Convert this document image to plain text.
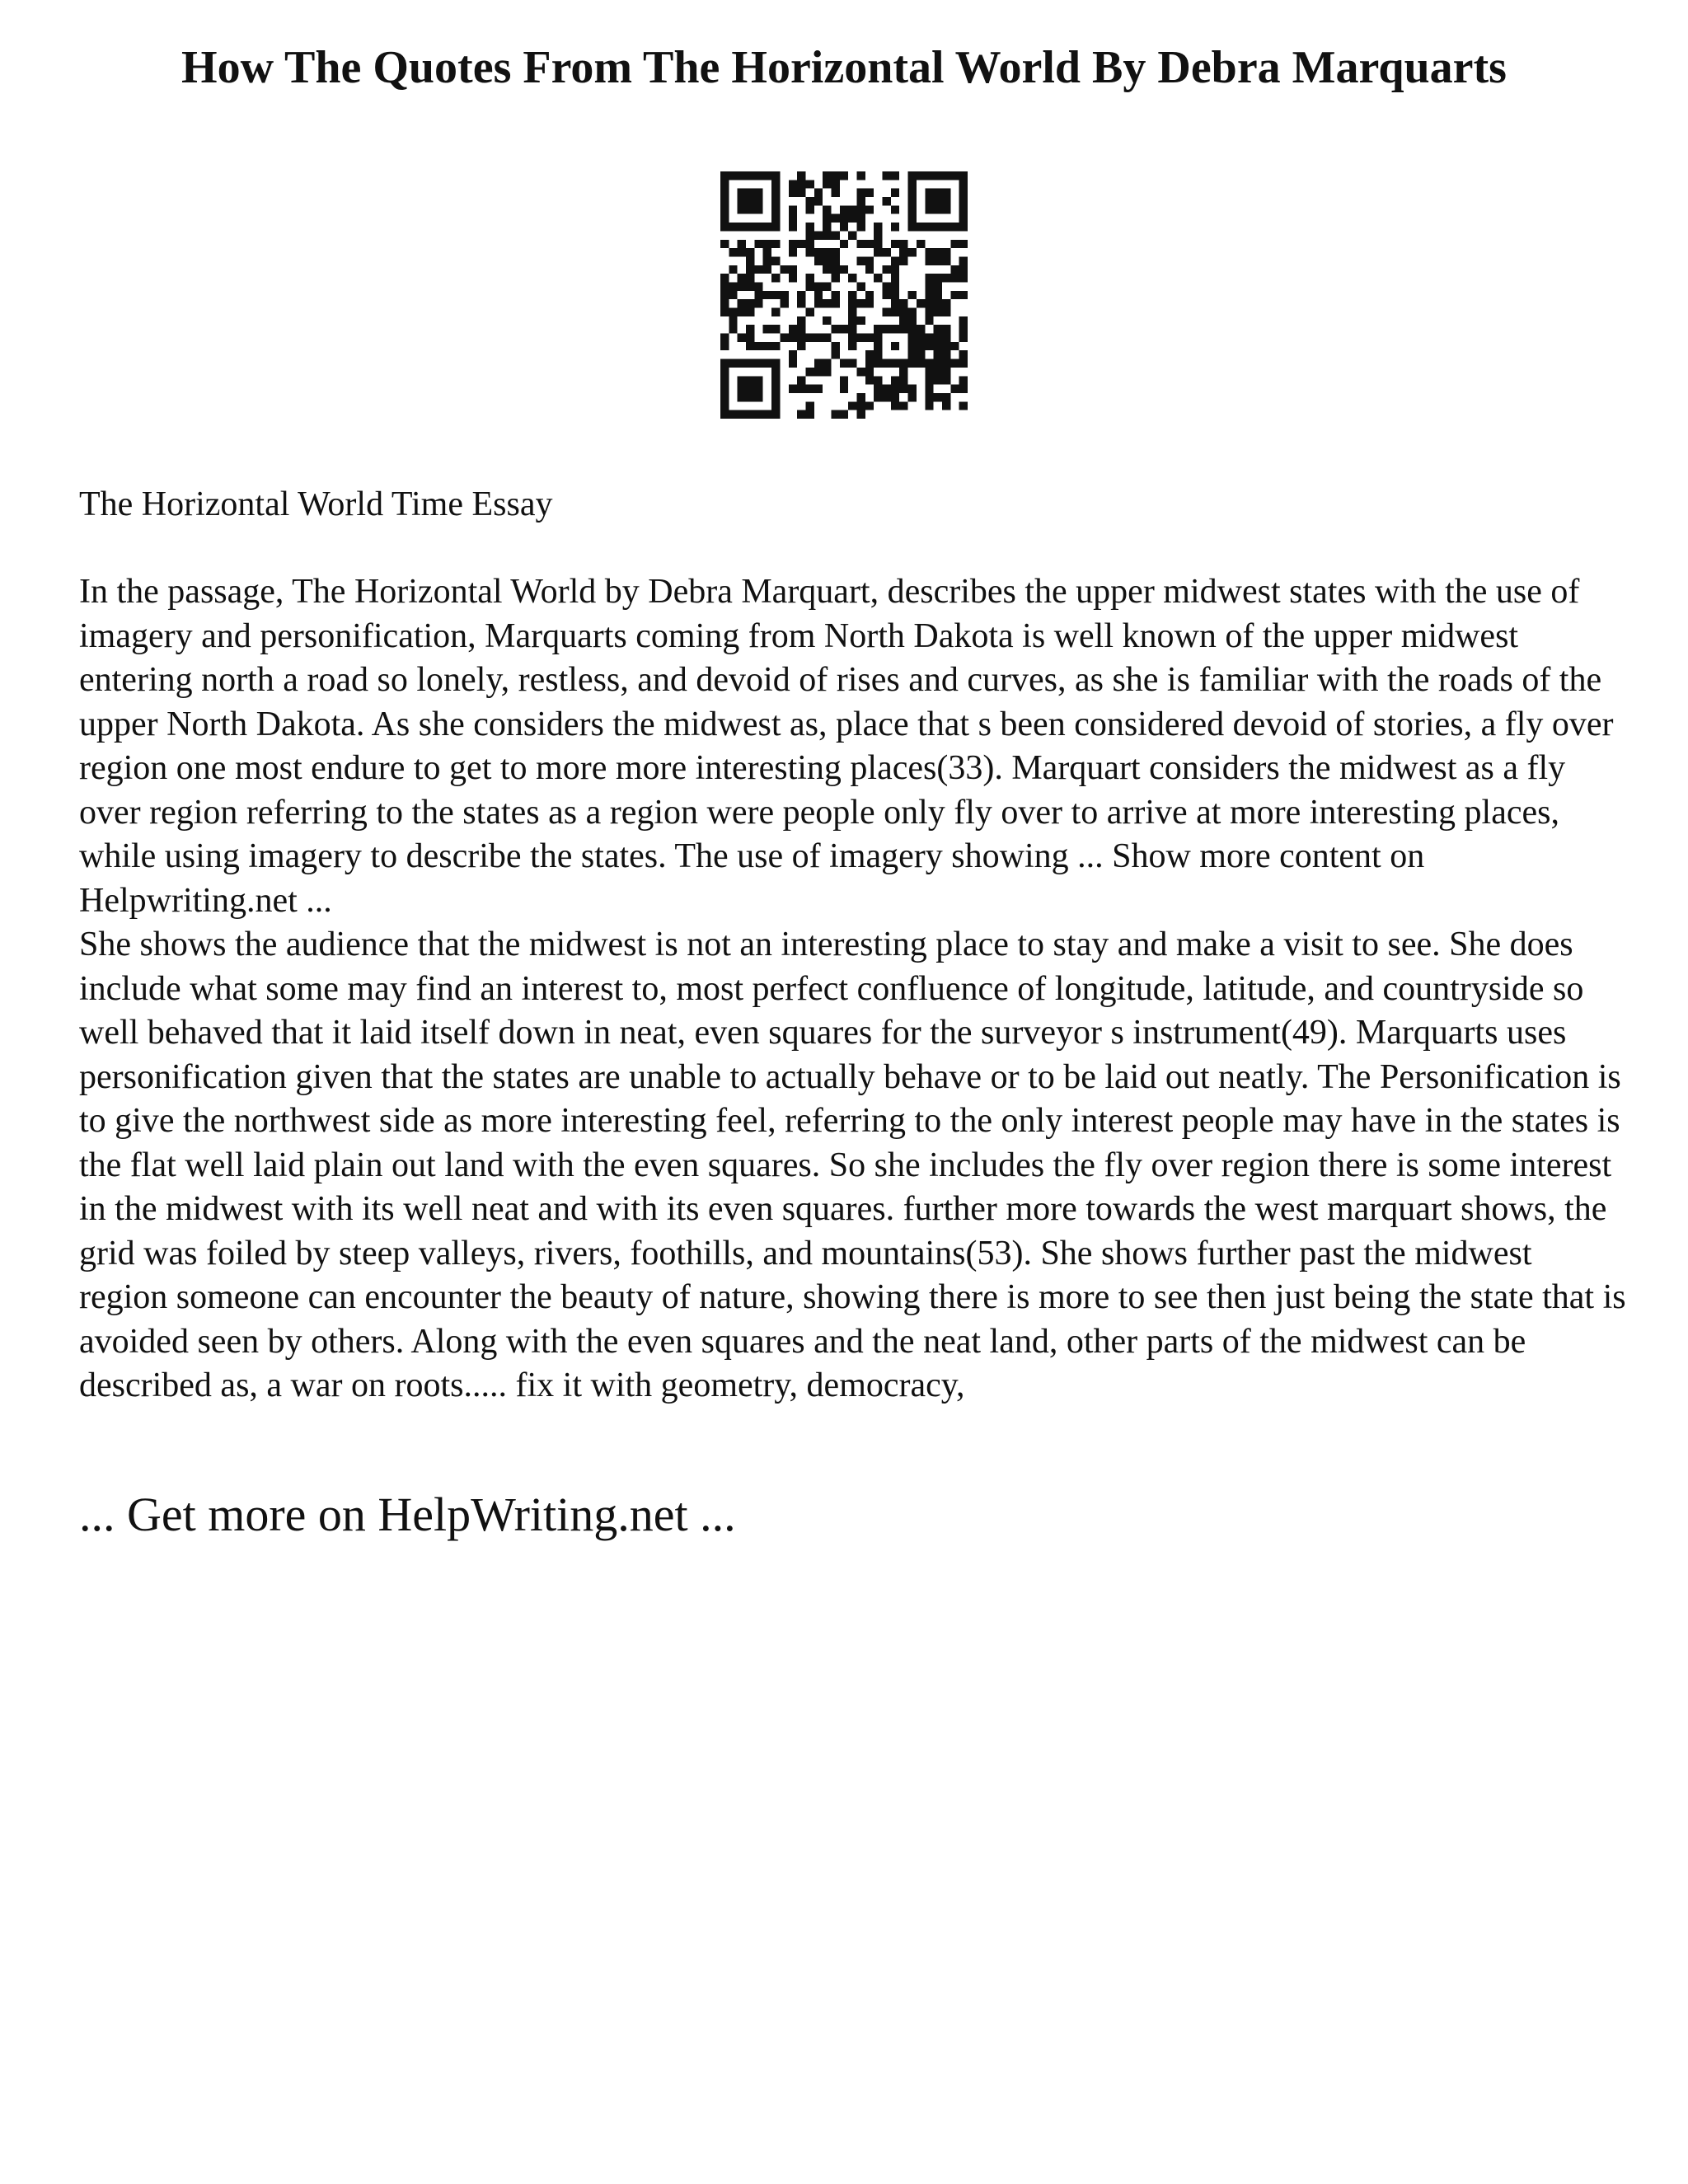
How The Quotes From The Horizontal World By Debra Marquarts
The Horizontal World Time Essay

In the passage, The Horizontal World by Debra Marquart, describes the upper midwest states with the use of imagery and personification, Marquarts coming from North Dakota is well known of the upper midwest entering north a road so lonely, restless, and devoid of rises and curves, as she is familiar with the roads of the upper North Dakota. As she considers the midwest as, place that s been considered devoid of stories, a fly over region one most endure to get to more more interesting places(33). Marquart considers the midwest as a fly over region referring to the states as a region were people only fly over to arrive at more interesting places, while using imagery to describe the states. The use of imagery showing ... Show more content on Helpwriting.net ...

She shows the audience that the midwest is not an interesting place to stay and make a visit to see. She does include what some may find an interest to, most perfect confluence of longitude, latitude, and countryside so well behaved that it laid itself down in neat, even squares for the surveyor s instrument(49). Marquarts uses personification given that the states are unable to actually behave or to be laid out neatly. The Personification is to give the northwest side as more interesting feel, referring to the only interest people may have in the states is the flat well laid plain out land with the even squares. So she includes the fly over region there is some interest in the midwest with its well neat and with its even squares. further more towards the west marquart shows, the grid was foiled by steep valleys, rivers, foothills, and mountains(53). She shows further past the midwest region someone can encounter the beauty of nature, showing there is more to see then just being the state that is avoided seen by others. Along with the even squares and the neat land, other parts of the midwest can be described as, a war on roots..... fix it with geometry, democracy,

... Get more on HelpWriting.net ...
